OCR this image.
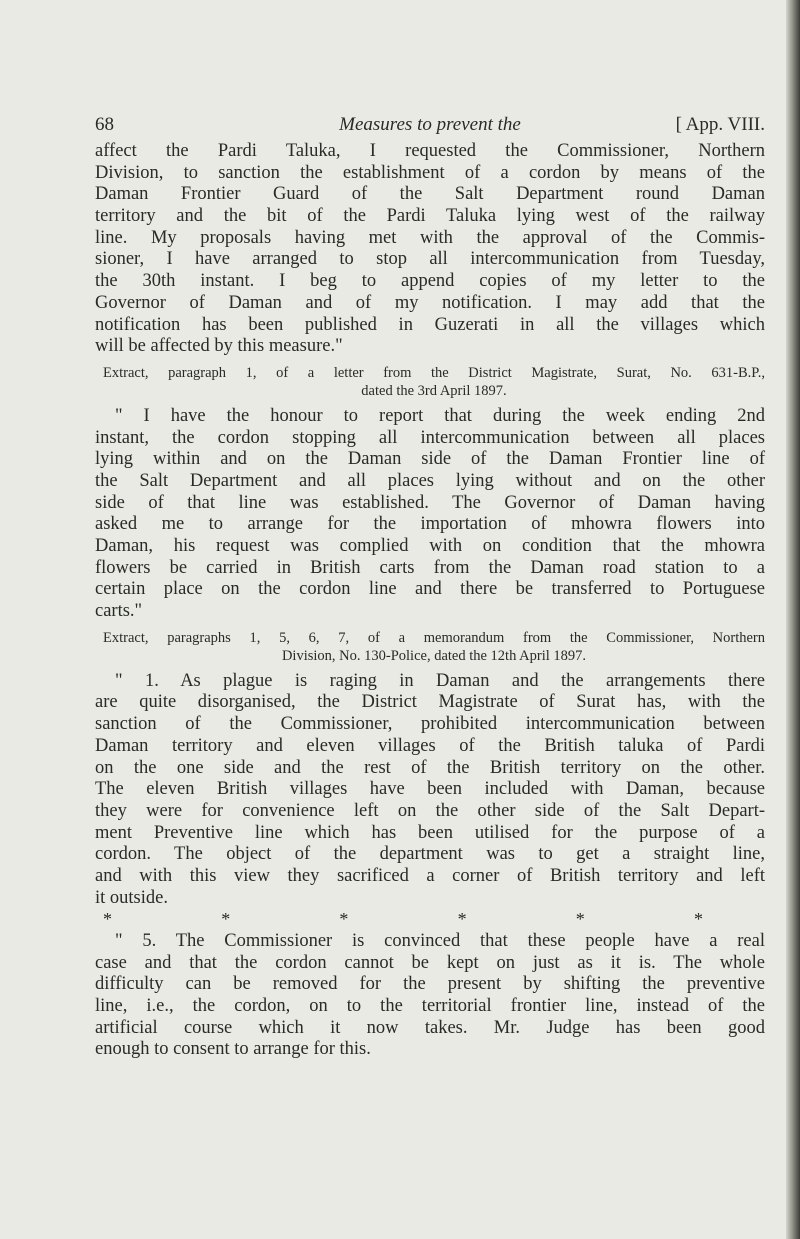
68	Measures to prevent the	[ App. VIII.
affect the Pardi Taluka, I requested the Commissioner, Northern
Division, to sanction the establishment of a cordon by means of the
Daman Frontier Guard of the Salt Department round Daman
territory and the bit of the Pardi Taluka lying west of the railway
line. My proposals having met with the approval of the Commis-
sioner, I have arranged to stop all intercommunication from Tuesday,
the 30th instant. I beg to append copies of my letter to the
Governor of Daman and of my notification. I may add that the
notification has been published in Guzerati in all the villages which
will be affected by this measure."
Extract, paragraph 1, of a letter from the District Magistrate, Surat, No. 631-B.P.,
dated the 3rd April 1897.
" I have the honour to report that during the week ending 2nd
instant, the cordon stopping all intercommunication between all places
lying within and on the Daman side of the Daman Frontier line of
the Salt Department and all places lying without and on the other
side of that line was established. The Governor of Daman having
asked me to arrange for the importation of mhowra flowers into
Daman, his request was complied with on condition that the mhowra
flowers be carried in British carts from the Daman road station to a
certain place on the cordon line and there be transferred to Portuguese
carts."
Extract, paragraphs 1, 5, 6, 7, of a memorandum from the Commissioner, Northern
Division, No. 130-Police, dated the 12th April 1897.
" 1. As plague is raging in Daman and the arrangements there
are quite disorganised, the District Magistrate of Surat has, with the
sanction of the Commissioner, prohibited intercommunication between
Daman territory and eleven villages of the British taluka of Pardi
on the one side and the rest of the British territory on the other.
The eleven British villages have been included with Daman, because
they were for convenience left on the other side of the Salt Depart-
ment Preventive line which has been utilised for the purpose of a
cordon. The object of the department was to get a straight line,
and with this view they sacrificed a corner of British territory and left
it outside.
*	*	*	*	*	*
" 5. The Commissioner is convinced that these people have a real
case and that the cordon cannot be kept on just as it is. The whole
difficulty can be removed for the present by shifting the preventive
line, i.e., the cordon, on to the territorial frontier line, instead of the
artificial course which it now takes. Mr. Judge has been good
enough to consent to arrange for this.
